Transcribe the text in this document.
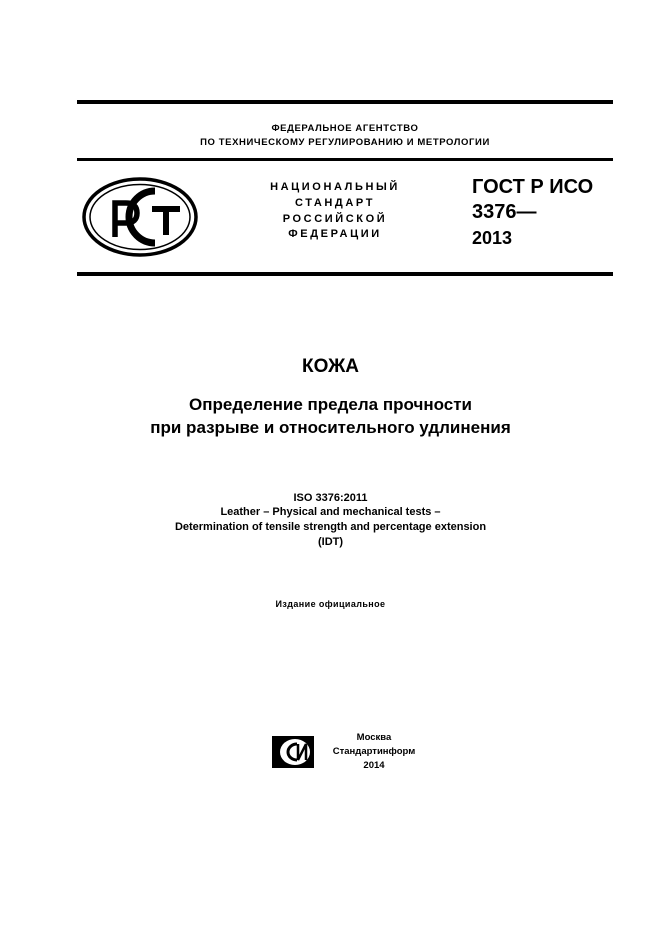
ФЕДЕРАЛЬНОЕ АГЕНТСТВО
ПО ТЕХНИЧЕСКОМУ РЕГУЛИРОВАНИЮ И МЕТРОЛОГИИ
НАЦИОНАЛЬНЫЙ
СТАНДАРТ
РОССИЙСКОЙ
ФЕДЕРАЦИИ
ГОСТ Р ИСО
3376—
2013
КОЖА
Определение предела прочности
при разрыве и относительного удлинения
ISO 3376:2011
Leather – Physical and mechanical tests –
Determination of tensile strength and percentage extension
(IDT)
Издание официальное
Москва
Стандартинформ
2014
